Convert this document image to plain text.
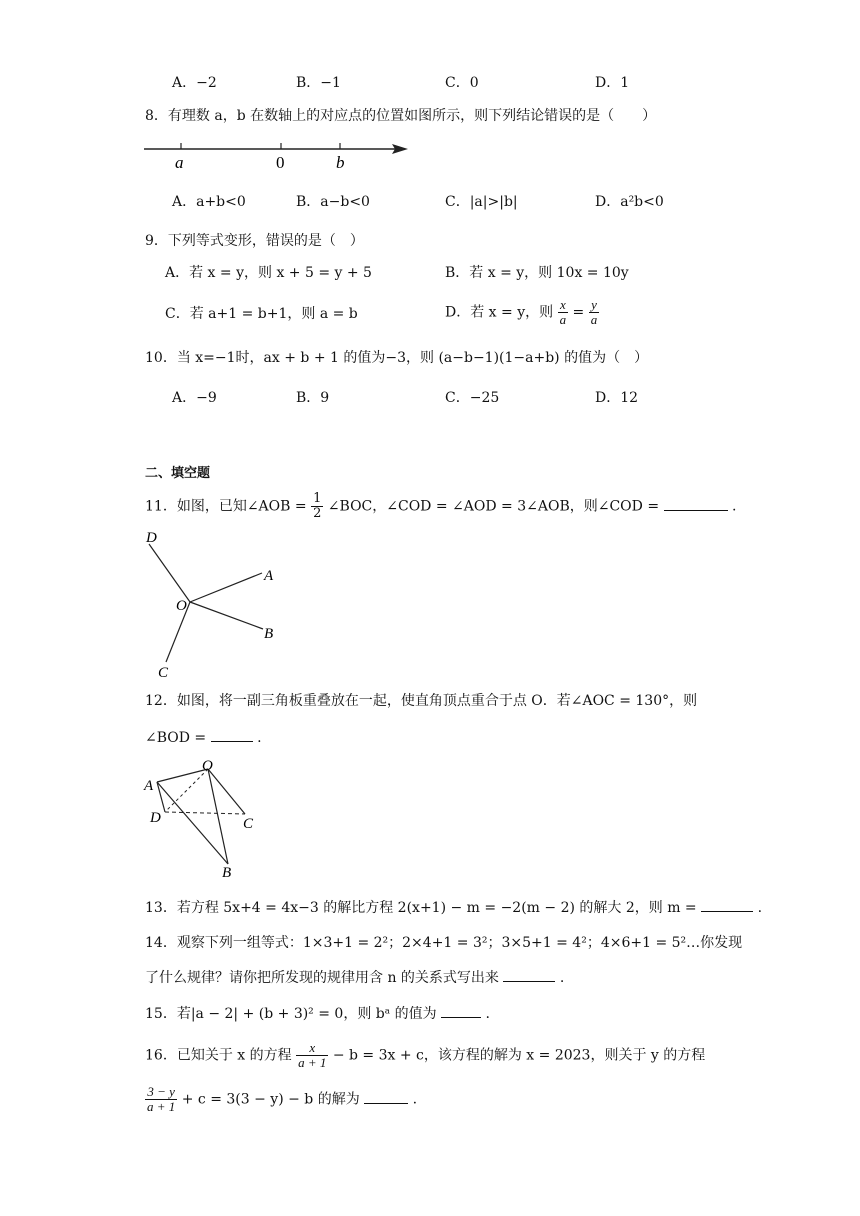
A．−2	B．−1	C．0	D．1
8．有理数 a，b 在数轴上的对应点的位置如图所示，则下列结论错误的是（　　）
a	0	b
A．a+b<0	B．a−b<0	C．|a|>|b|	D．a²b<0
9．下列等式变形，错误的是（　）
A．若 x = y，则 x + 5 = y + 5	B．若 x = y，则 10x = 10y
C．若 a+1 = b+1，则 a = b	D．若 x = y，则 $\frac{x}{a} = \frac{y}{a}$
10．当 x=−1时，ax + b + 1 的值为−3，则 (a−b−1)(1−a+b) 的值为（　）
A．−9	B．9	C．−25	D．12
二、填空题
11．如图，已知∠AOB = $\frac{1}{2}$ ∠BOC，∠COD = ∠AOD = 3∠AOB，则∠COD =	.
D
A
O
B
C
12．如图，将一副三角板重叠放在一起，使直角顶点重合于点 O．若∠AOC = 130°，则
∠BOD =	.
O
A
D	C
B
13．若方程 5x+4 = 4x−3 的解比方程 2(x+1) − m = −2(m − 2) 的解大 2，则 m =	.
14．观察下列一组等式：1×3+1 = 2²；2×4+1 = 3²；3×5+1 = 4²；4×6+1 = 5²…你发现
了什么规律？请你把所发现的规律用含 n 的关系式写出来	.
15．若|a − 2| + (b + 3)² = 0，则 bᵃ 的值为	.
16．已知关于 x 的方程 $\frac{x}{a + 1} - b = 3x + c$，该方程的解为 x = 2023，则关于 y 的方程
$\frac{3 - y}{a + 1} + c = 3(3 - y) - b$ 的解为	.
